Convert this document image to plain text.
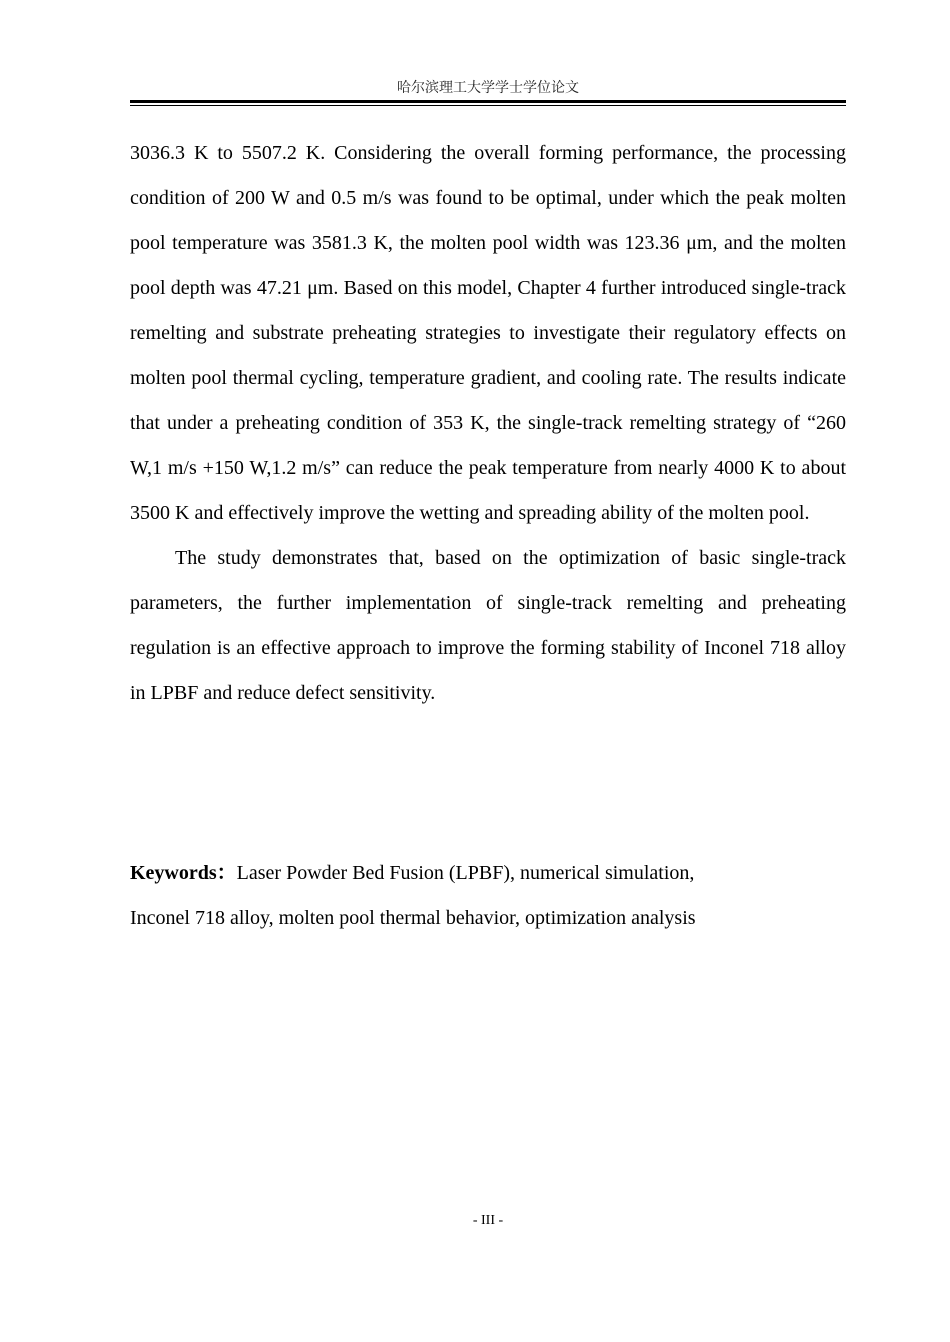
哈尔滨理工大学学士学位论文

3036.3 K to 5507.2 K. Considering the overall forming performance, the processing condition of 200 W and 0.5 m/s was found to be optimal, under which the peak molten pool temperature was 3581.3 K, the molten pool width was 123.36 μm, and the molten pool depth was 47.21 μm. Based on this model, Chapter 4 further introduced single-track remelting and substrate preheating strategies to investigate their regulatory effects on molten pool thermal cycling, temperature gradient, and cooling rate. The results indicate that under a preheating condition of 353 K, the single-track remelting strategy of “260 W,1 m/s +150 W,1.2 m/s” can reduce the peak temperature from nearly 4000 K to about 3500 K and effectively improve the wetting and spreading ability of the molten pool.

The study demonstrates that, based on the optimization of basic single-track parameters, the further implementation of single-track remelting and preheating regulation is an effective approach to improve the forming stability of Inconel 718 alloy in LPBF and reduce defect sensitivity.

Keywords：Laser Powder Bed Fusion (LPBF), numerical simulation,
Inconel 718 alloy, molten pool thermal behavior, optimization analysis
- III -
